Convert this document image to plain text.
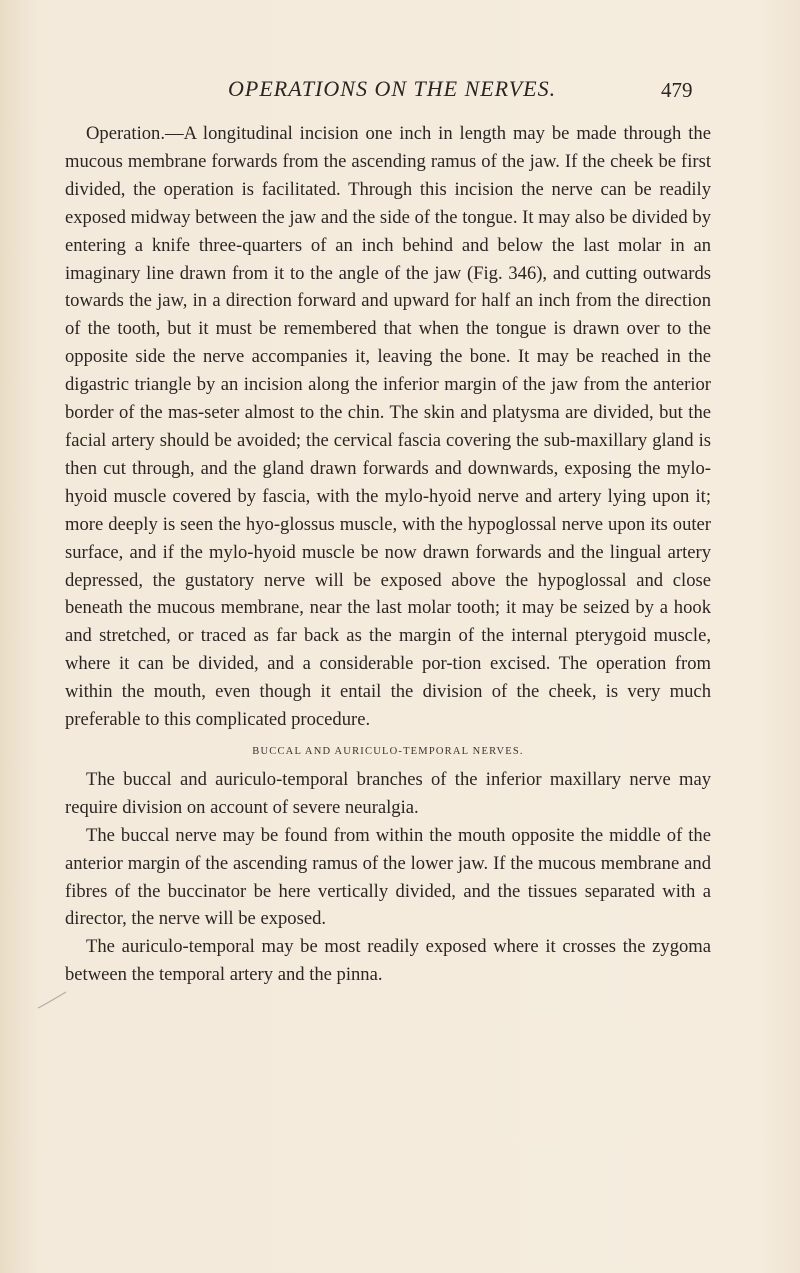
OPERATIONS ON THE NERVES.	479

Operation.—A longitudinal incision one inch in length may be made through the mucous membrane forwards from the ascending ramus of the jaw. If the cheek be first divided, the operation is facilitated. Through this incision the nerve can be readily exposed midway between the jaw and the side of the tongue. It may also be divided by entering a knife three-quarters of an inch behind and below the last molar in an imaginary line drawn from it to the angle of the jaw (Fig. 346), and cutting outwards towards the jaw, in a direction forward and upward for half an inch from the direction of the tooth, but it must be remembered that when the tongue is drawn over to the opposite side the nerve accompanies it, leaving the bone. It may be reached in the digastric triangle by an incision along the inferior margin of the jaw from the anterior border of the mas-seter almost to the chin. The skin and platysma are divided, but the facial artery should be avoided; the cervical fascia covering the sub-maxillary gland is then cut through, and the gland drawn forwards and downwards, exposing the mylo-hyoid muscle covered by fascia, with the mylo-hyoid nerve and artery lying upon it; more deeply is seen the hyo-glossus muscle, with the hypoglossal nerve upon its outer surface, and if the mylo-hyoid muscle be now drawn forwards and the lingual artery depressed, the gustatory nerve will be exposed above the hypoglossal and close beneath the mucous membrane, near the last molar tooth; it may be seized by a hook and stretched, or traced as far back as the margin of the internal pterygoid muscle, where it can be divided, and a considerable por-tion excised. The operation from within the mouth, even though it entail the division of the cheek, is very much preferable to this complicated procedure.

BUCCAL AND AURICULO-TEMPORAL NERVES.

The buccal and auriculo-temporal branches of the inferior maxillary nerve may require division on account of severe neuralgia.

The buccal nerve may be found from within the mouth opposite the middle of the anterior margin of the ascending ramus of the lower jaw. If the mucous membrane and fibres of the buccinator be here vertically divided, and the tissues separated with a director, the nerve will be exposed.

The auriculo-temporal may be most readily exposed where it crosses the zygoma between the temporal artery and the pinna.
